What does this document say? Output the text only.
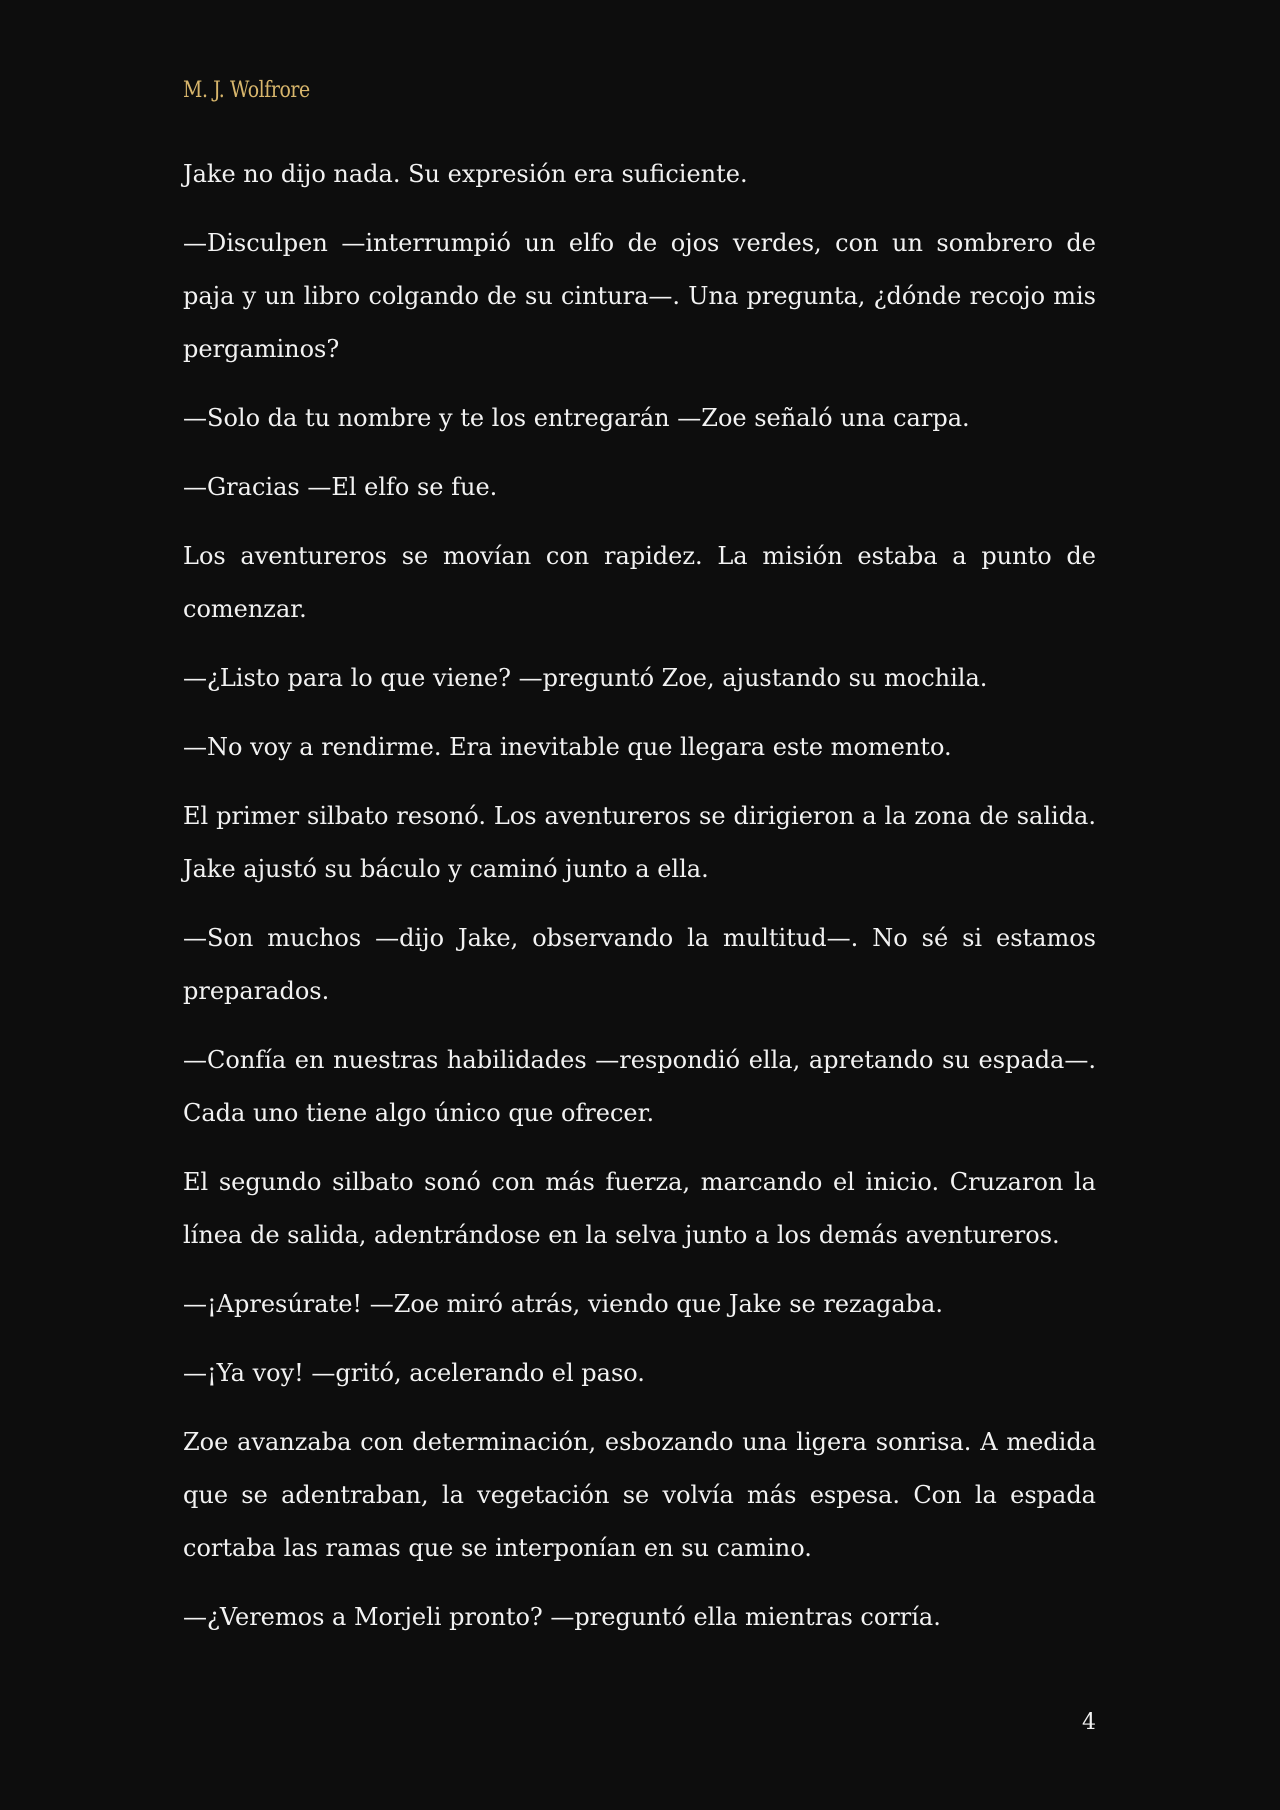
M. J. Wolfrore

Jake no dijo nada. Su expresión era suficiente.

—Disculpen —interrumpió un elfo de ojos verdes, con un sombrero de paja y un libro colgando de su cintura—. Una pregunta, ¿dónde recojo mis pergaminos?

—Solo da tu nombre y te los entregarán —Zoe señaló una carpa.

—Gracias —El elfo se fue.

Los aventureros se movían con rapidez. La misión estaba a punto de comenzar.

—¿Listo para lo que viene? —preguntó Zoe, ajustando su mochila.

—No voy a rendirme. Era inevitable que llegara este momento.

El primer silbato resonó. Los aventureros se dirigieron a la zona de salida. Jake ajustó su báculo y caminó junto a ella.

—Son muchos —dijo Jake, observando la multitud—. No sé si estamos preparados.

—Confía en nuestras habilidades —respondió ella, apretando su espada—. Cada uno tiene algo único que ofrecer.

El segundo silbato sonó con más fuerza, marcando el inicio. Cruzaron la línea de salida, adentrándose en la selva junto a los demás aventureros.

—¡Apresúrate! —Zoe miró atrás, viendo que Jake se rezagaba.

—¡Ya voy! —gritó, acelerando el paso.

Zoe avanzaba con determinación, esbozando una ligera sonrisa. A medida que se adentraban, la vegetación se volvía más espesa. Con la espada cortaba las ramas que se interponían en su camino.

—¿Veremos a Morjeli pronto? —preguntó ella mientras corría.

4
